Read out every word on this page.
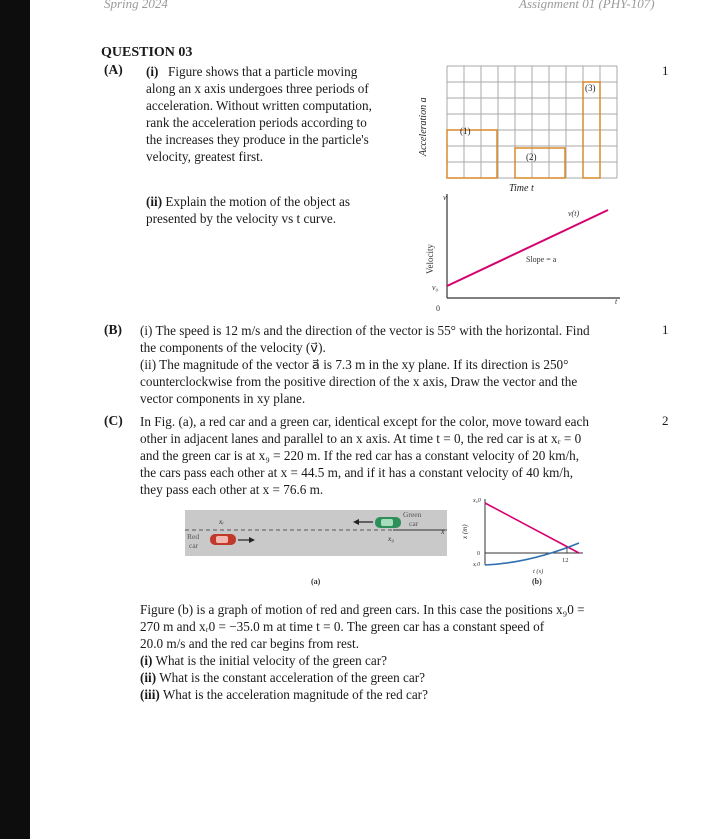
Spring 2024	Assignment 01 (PHY-107)
QUESTION 03
(A)	1
(i) Figure shows that a particle moving
along an x axis undergoes three periods of
acceleration. Without written computation,
rank the acceleration periods according to
the increases they produce in the particle's
velocity, greatest first.
(ii) Explain the motion of the object as
presented by the velocity vs t curve.
(1)
(2)
(3)
Acceleration a
Time t
v
t
v(t)
Slope = a
v₀
0
Velocity
(B)	1
(i) The speed is 12 m/s and the direction of the vector is 55° with the horizontal. Find
the components of the velocity (v⃗).
(ii) The magnitude of the vector a⃗ is 7.3 m in the xy plane. If its direction is 250°
counterclockwise from the positive direction of the x axis, Draw the vector and the
vector components in xy plane.
(C)	2
In Fig. (a), a red car and a green car, identical except for the color, move toward each
other in adjacent lanes and parallel to an x axis. At time t = 0, the red car is at xᵣ = 0
and the green car is at x₉ = 220 m. If the red car has a constant velocity of 20 km/h,
the cars pass each other at x = 44.5 m, and if it has a constant velocity of 40 km/h,
they pass each other at x = 76.6 m.
x
Green
car
Red
car
xᵣ
x₉
(a)
12
x₉0
xᵣ0
0
x (m)
t (s)
(b)
Figure (b) is a graph of motion of red and green cars. In this case the positions x₉0 =
270 m and xᵣ0 = −35.0 m at time t = 0. The green car has a constant speed of
20.0 m/s and the red car begins from rest.
(i) What is the initial velocity of the green car?
(ii) What is the constant acceleration of the green car?
(iii) What is the acceleration magnitude of the red car?
